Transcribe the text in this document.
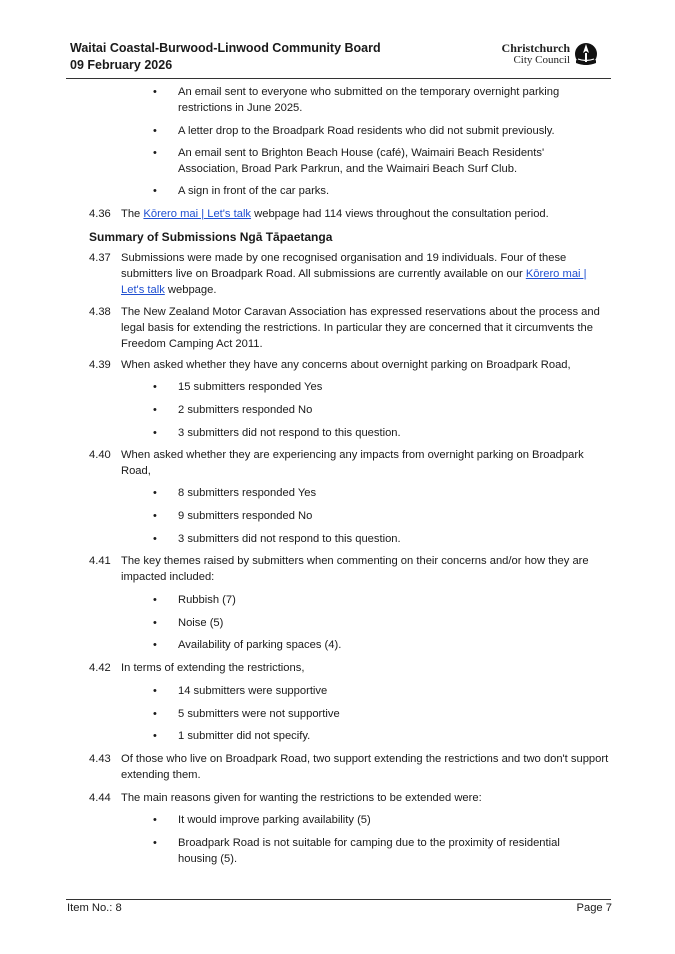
Waitai Coastal-Burwood-Linwood Community Board
09 February 2026
Christchurch
City Council
• An email sent to everyone who submitted on the temporary overnight parking restrictions in June 2025.
• A letter drop to the Broadpark Road residents who did not submit previously.
• An email sent to Brighton Beach House (café), Waimairi Beach Residents' Association, Broad Park Parkrun, and the Waimairi Beach Surf Club.
• A sign in front of the car parks.
4.36 The Kōrero mai | Let's talk webpage had 114 views throughout the consultation period.
Summary of Submissions Ngā Tāpaetanga
4.37 Submissions were made by one recognised organisation and 19 individuals. Four of these submitters live on Broadpark Road. All submissions are currently available on our Kōrero mai | Let's talk webpage.
4.38 The New Zealand Motor Caravan Association has expressed reservations about the process and legal basis for extending the restrictions. In particular they are concerned that it circumvents the Freedom Camping Act 2011.
4.39 When asked whether they have any concerns about overnight parking on Broadpark Road,
• 15 submitters responded Yes
• 2 submitters responded No
• 3 submitters did not respond to this question.
4.40 When asked whether they are experiencing any impacts from overnight parking on Broadpark Road,
• 8 submitters responded Yes
• 9 submitters responded No
• 3 submitters did not respond to this question.
4.41 The key themes raised by submitters when commenting on their concerns and/or how they are impacted included:
• Rubbish (7)
• Noise (5)
• Availability of parking spaces (4).
4.42 In terms of extending the restrictions,
• 14 submitters were supportive
• 5 submitters were not supportive
• 1 submitter did not specify.
4.43 Of those who live on Broadpark Road, two support extending the restrictions and two don't support extending them.
4.44 The main reasons given for wanting the restrictions to be extended were:
• It would improve parking availability (5)
• Broadpark Road is not suitable for camping due to the proximity of residential housing (5).
Item No.: 8	Page 7
